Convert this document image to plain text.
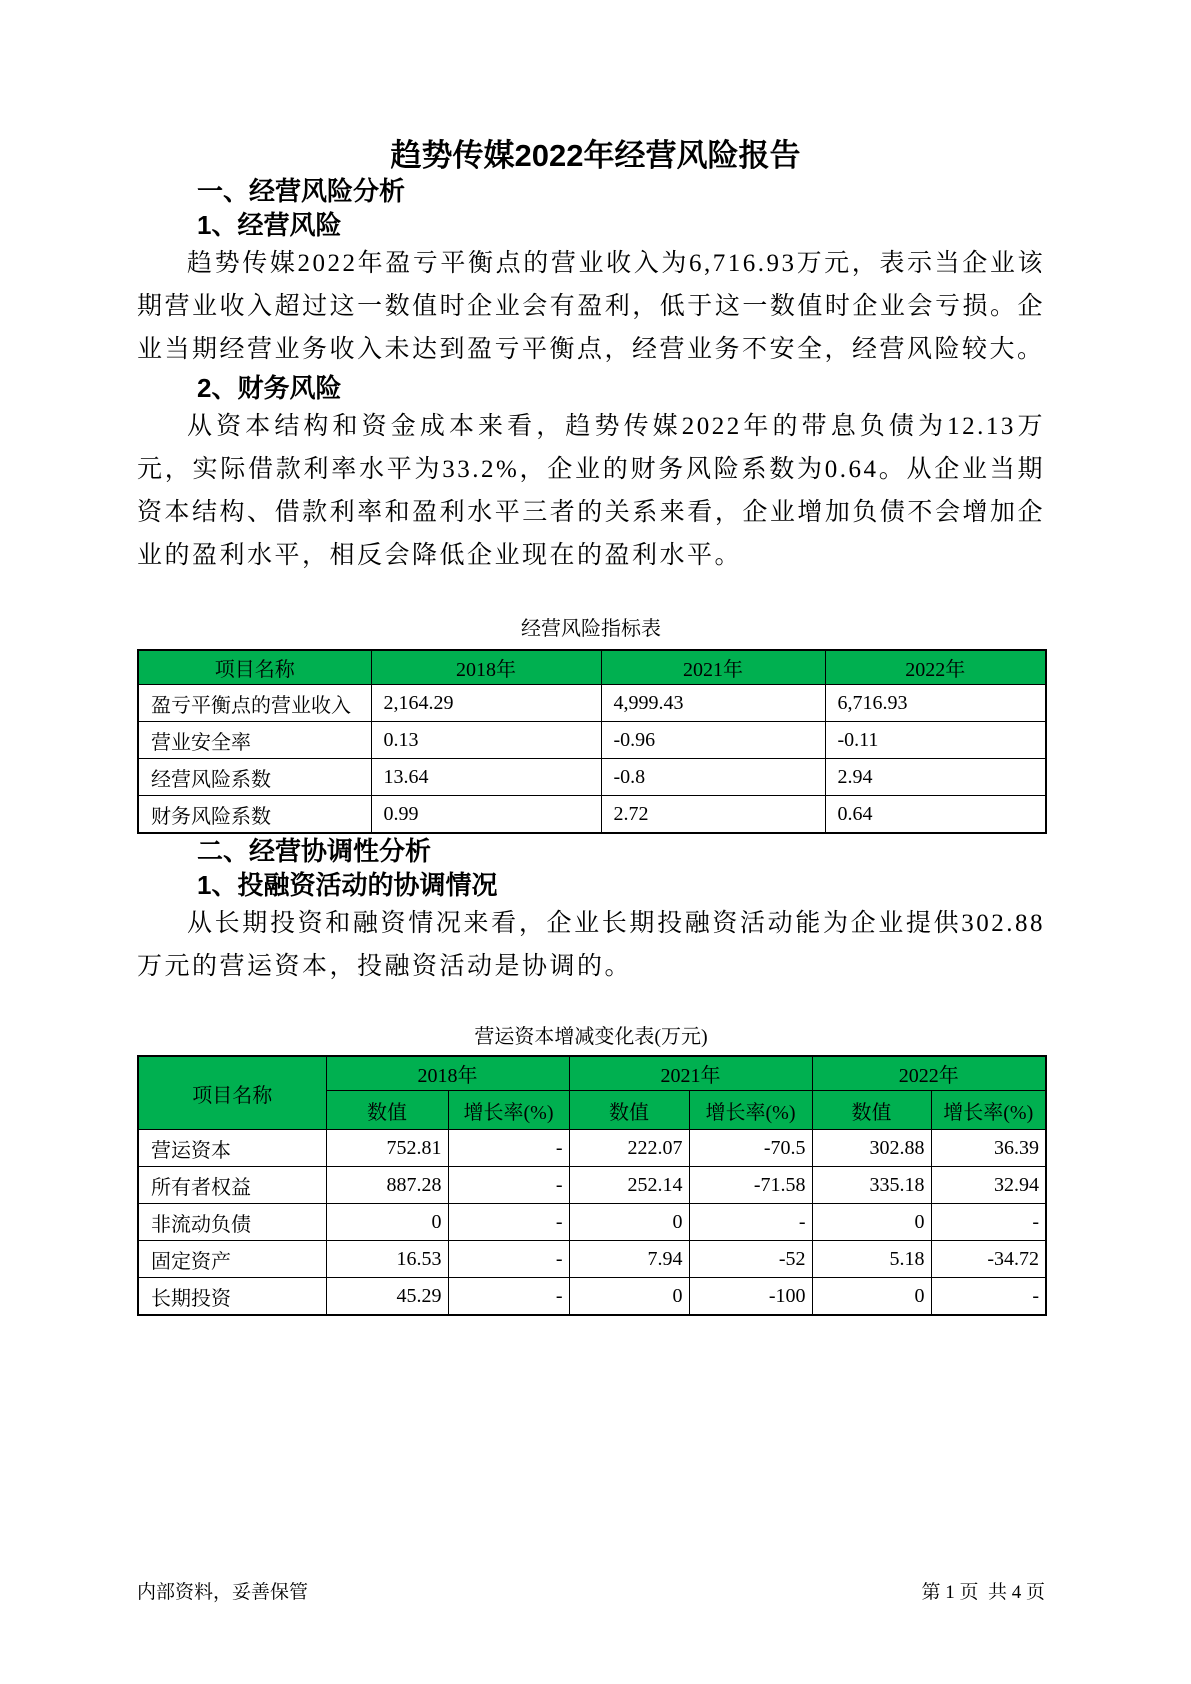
趋势传媒2022年经营风险报告
一、经营风险分析
1、经营风险

趋势传媒2022年盈亏平衡点的营业收入为6,716.93万元，表示当企业该期营业收入超过这一数值时企业会有盈利，低于这一数值时企业会亏损。企业当期经营业务收入未达到盈亏平衡点，经营业务不安全，经营风险较大。

2、财务风险

从资本结构和资金成本来看，趋势传媒2022年的带息负债为12.13万元，实际借款利率水平为33.2%，企业的财务风险系数为0.64。从企业当期资本结构、借款利率和盈利水平三者的关系来看，企业增加负债不会增加企业的盈利水平，相反会降低企业现在的盈利水平。

经营风险指标表
项目名称	2018年	2021年	2022年
盈亏平衡点的营业收入	2,164.29	4,999.43	6,716.93
营业安全率	0.13	-0.96	-0.11
经营风险系数	13.64	-0.8	2.94
财务风险系数	0.99	2.72	0.64
二、经营协调性分析
1、投融资活动的协调情况

从长期投资和融资情况来看，企业长期投融资活动能为企业提供302.88万元的营运资本，投融资活动是协调的。

营运资本增减变化表(万元)
项目名称	2018年		2021年		2022年	
	数值	增长率(%)	数值	增长率(%)	数值	增长率(%)
营运资本	752.81	-	222.07	-70.5	302.88	36.39
所有者权益	887.28	-	252.14	-71.58	335.18	32.94
非流动负债	0	-	0	-	0	-
固定资产	16.53	-	7.94	-52	5.18	-34.72
长期投资	45.29	-	0	-100	0	-
内部资料，妥善保管	第 1 页  共 4 页
